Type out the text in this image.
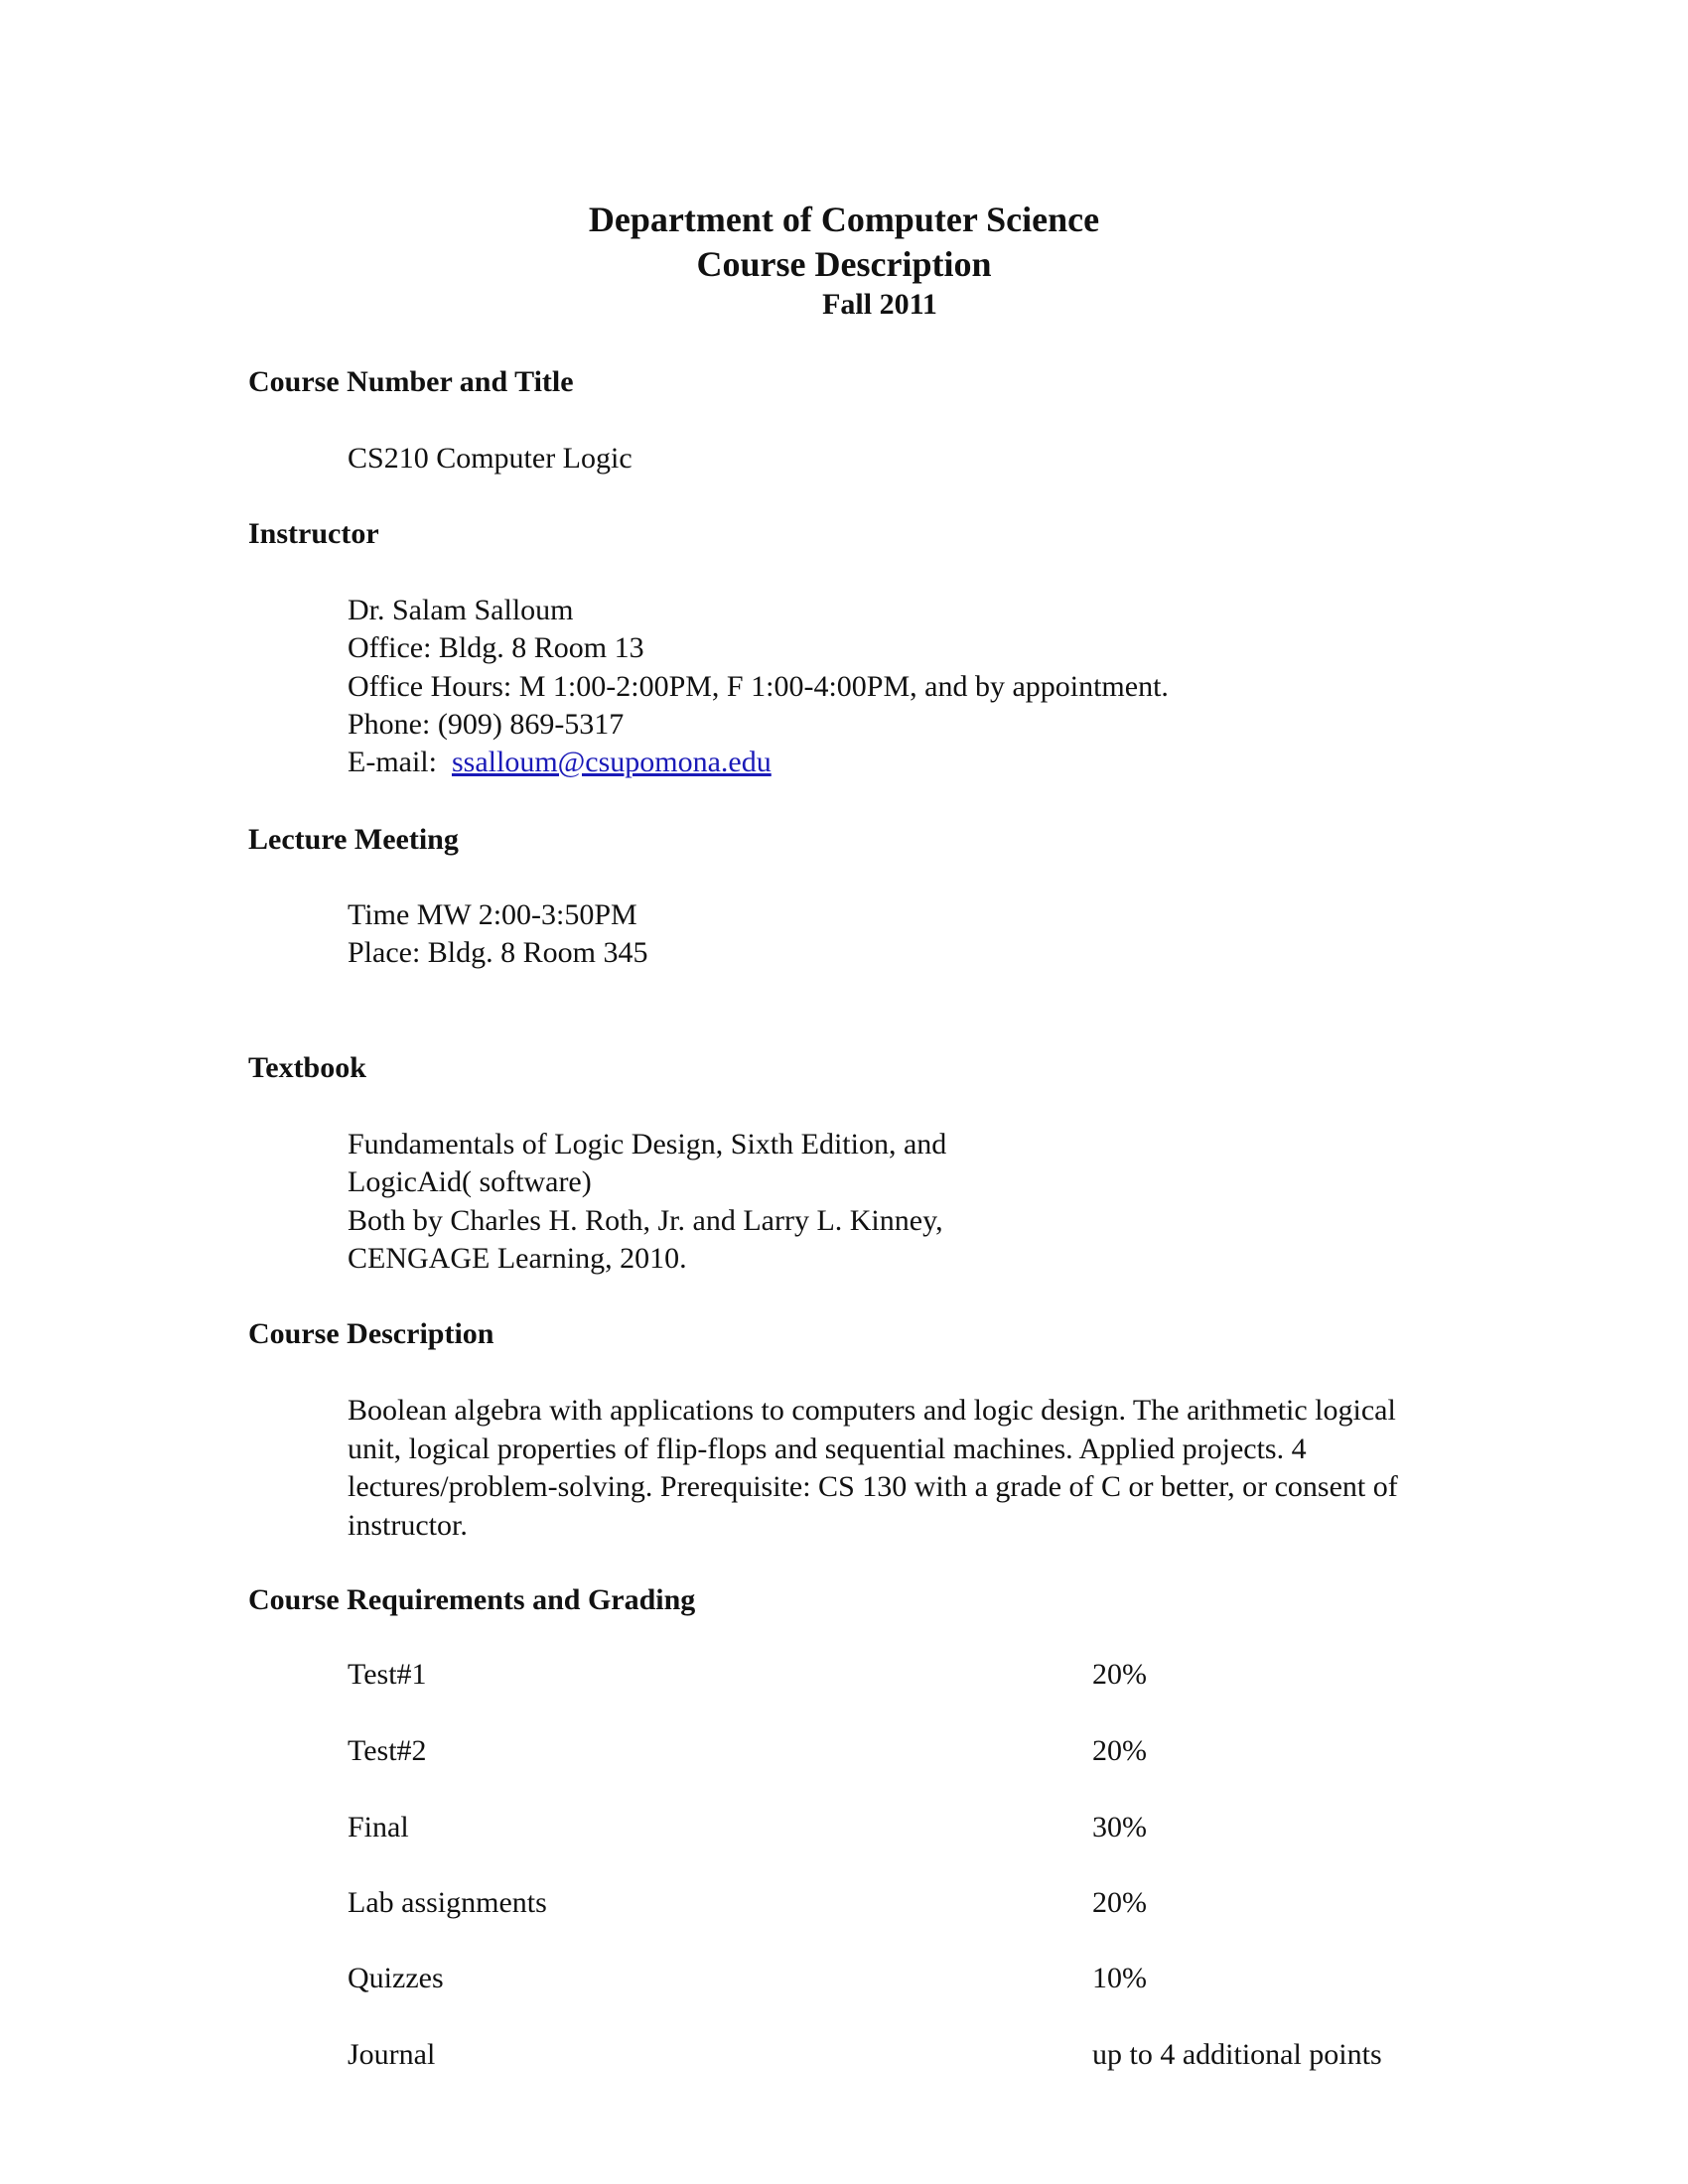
Department of Computer Science
Course Description
Fall 2011
Course Number and Title
CS210 Computer Logic
Instructor
Dr. Salam Salloum
Office: Bldg. 8 Room 13
Office Hours: M 1:00-2:00PM, F 1:00-4:00PM, and by appointment.
Phone: (909) 869-5317
E-mail: ssalloum@csupomona.edu
Lecture Meeting
Time MW 2:00-3:50PM
Place: Bldg. 8 Room 345
Textbook
Fundamentals of Logic Design, Sixth Edition, and
LogicAid( software)
Both by Charles H. Roth, Jr. and Larry L. Kinney,
CENGAGE Learning, 2010.
Course Description
Boolean algebra with applications to computers and logic design. The arithmetic logical unit, logical properties of flip-flops and sequential machines. Applied projects. 4 lectures/problem-solving. Prerequisite: CS 130 with a grade of C or better, or consent of instructor.
Course Requirements and Grading
Test#1	20%
Test#2	20%
Final	30%
Lab assignments	20%
Quizzes	10%
Journal	up to 4 additional points
